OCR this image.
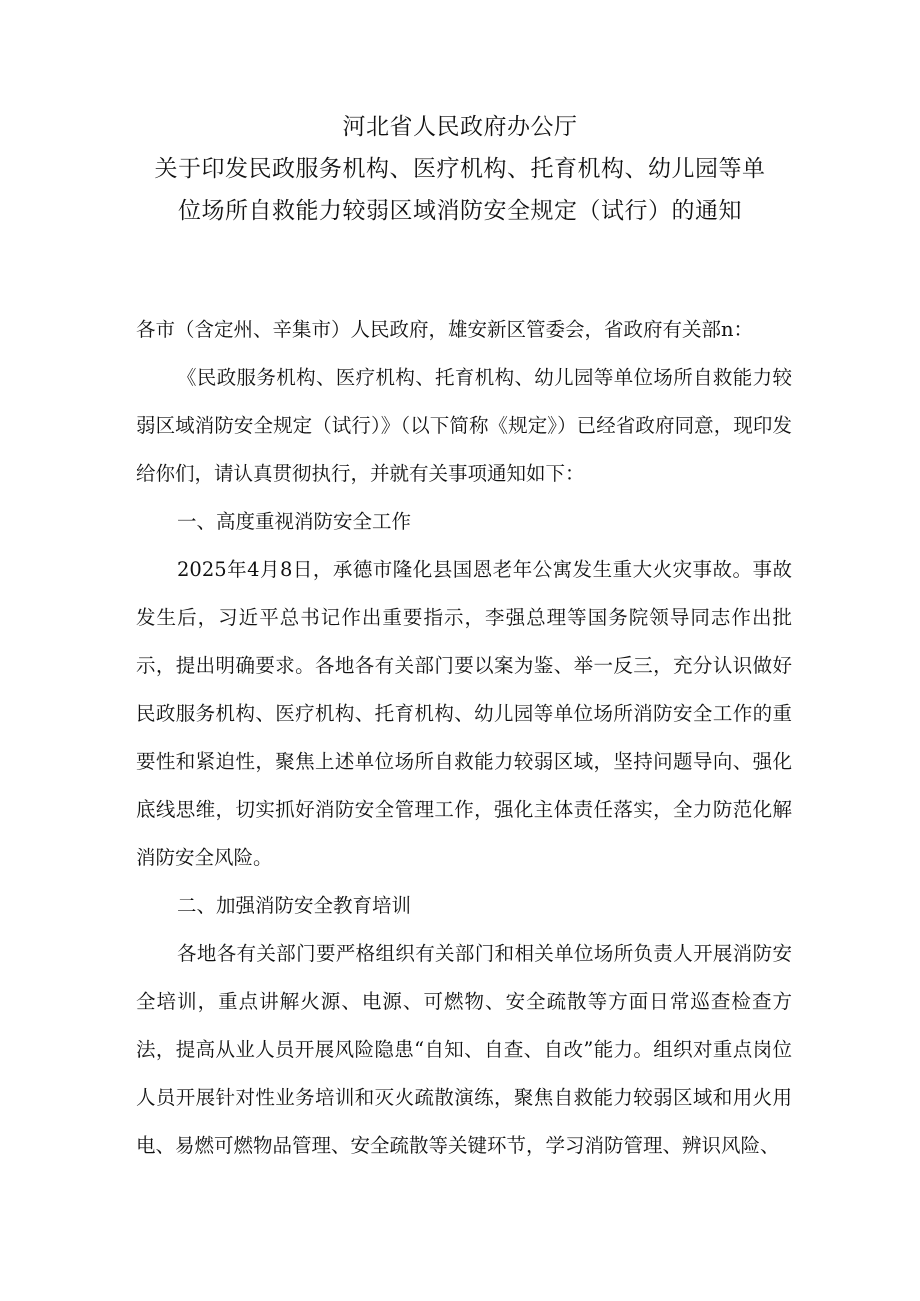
河北省人民政府办公厅
关于印发民政服务机构、医疗机构、托育机构、幼儿园等单
位场所自救能力较弱区域消防安全规定（试行）的通知

各市（含定州、辛集市）人民政府，雄安新区管委会，省政府有关部n：

《民政服务机构、医疗机构、托育机构、幼儿园等单位场所自救能力较弱区域消防安全规定（试行）》（以下简称《规定》）已经省政府同意，现印发给你们，请认真贯彻执行，并就有关事项通知如下：

一、高度重视消防安全工作

2025年4月8日，承德市隆化县国恩老年公寓发生重大火灾事故。事故发生后，习近平总书记作出重要指示，李强总理等国务院领导同志作出批示，提出明确要求。各地各有关部门要以案为鉴、举一反三，充分认识做好民政服务机构、医疗机构、托育机构、幼儿园等单位场所消防安全工作的重要性和紧迫性，聚焦上述单位场所自救能力较弱区域，坚持问题导向、强化底线思维，切实抓好消防安全管理工作，强化主体责任落实，全力防范化解消防安全风险。

二、加强消防安全教育培训

各地各有关部门要严格组织有关部门和相关单位场所负责人开展消防安全培训，重点讲解火源、电源、可燃物、安全疏散等方面日常巡查检查方法，提高从业人员开展风险隐患“自知、自查、自改”能力。组织对重点岗位人员开展针对性业务培训和灭火疏散演练，聚焦自救能力较弱区域和用火用电、易燃可燃物品管理、安全疏散等关键环节，学习消防管理、辨识风险、
